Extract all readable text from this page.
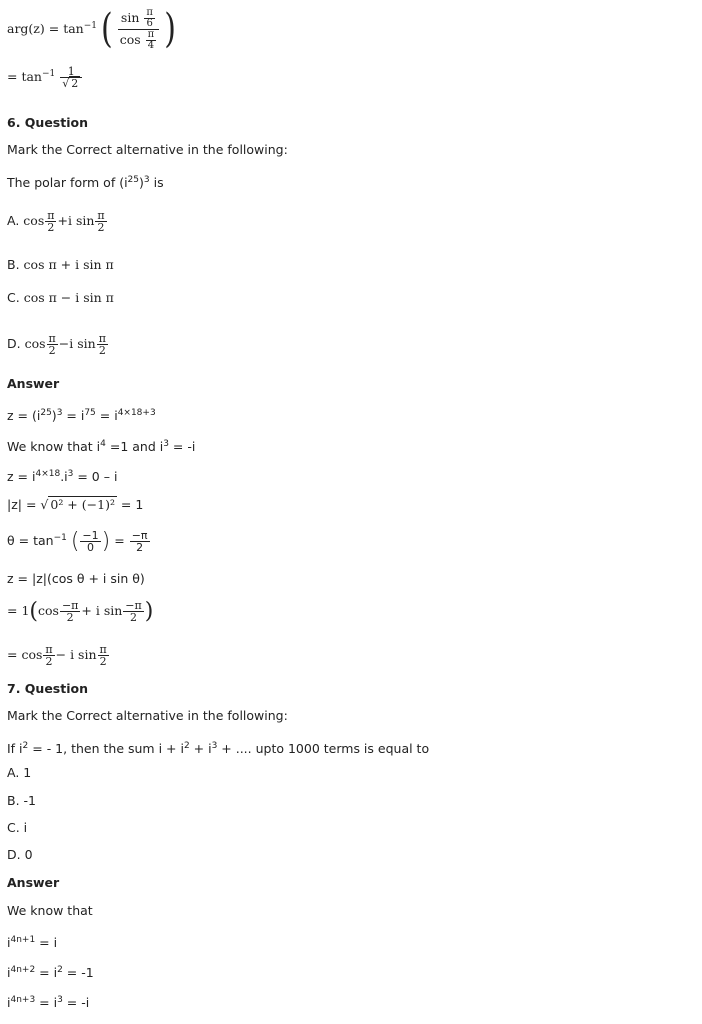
$arg(z) = \tan^{-1}$ ( $\frac{\sin \frac{\pi}{6}}{\cos \frac{\pi}{4}}$ )
= $\tan^{-1} \frac{1}{√ 2}$
6. Question
Mark the Correct alternative in the following:
The polar form of $(i^{25})^3$ is
A. $\cos \frac{\pi}{2} +i$ $\sin \frac{\pi}{2}$
B. cos π + i sin π
C. cos π − i sin π
D. $\cos \frac{\pi}{2} -i$ $\sin \frac{\pi}{2}$
Answer
$z = (i^{25})^3 = i^{75} = i^{4\times 18+3}$
We know that $i^4 =1$ and $i^3 = -i$
$z = i^{4\times 18}.i^3 = 0 - i$
|z| = √ 0² + (−1)² = 1
$\theta = \tan^{-1}$ ( $\frac{-1}{0}$ ) = $\frac{-\pi}{2}$
z = |z|(cos θ + i sin θ)
= $1(\cos \frac{-\pi}{2} + i$ $\sin \frac{-\pi}{2}$ )
= $\cos \frac{\pi}{2} - i$ $\sin \frac{\pi}{2}$
7. Question
Mark the Correct alternative in the following:
If $i^2$ = - 1, then the sum $i + i^2 + i^3$ + .... upto 1000 terms is equal to
A. 1
B. -1
C. i
D. 0
Answer
We know that
$i^{4n+1} = i$
$i^{4n+2} = i^2 = -1$
$i^{4n+3} = i^3 = -i$
